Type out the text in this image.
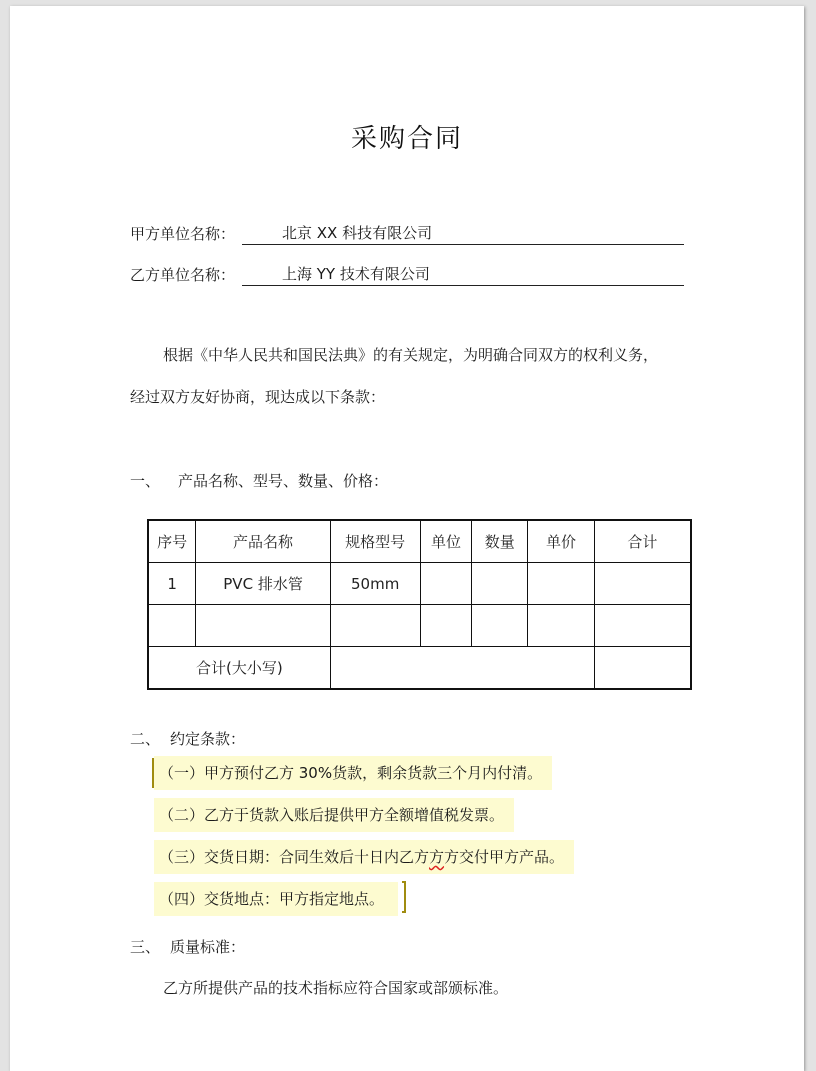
采购合同
甲方单位名称：	北京 XX 科技有限公司
乙方单位名称：	上海 YY 技术有限公司
根据《中华人民共和国民法典》的有关规定，为明确合同双方的权利义务，
经过双方友好协商，现达成以下条款：
一、 产品名称、型号、数量、价格：
序号	产品名称	规格型号	单位	数量	单价	合计
1	PVC 排水管	50mm				

合计(大小写)						
二、 约定条款：
（一）甲方预付乙方 30%货款，剩余货款三个月内付清。
（二）乙方于货款入账后提供甲方全额增值税发票。
（三）交货日期：合同生效后十日内乙方方方交付甲方产品。
（四）交货地点：甲方指定地点。
三、 质量标准：
乙方所提供产品的技术指标应符合国家或部颁标准。
